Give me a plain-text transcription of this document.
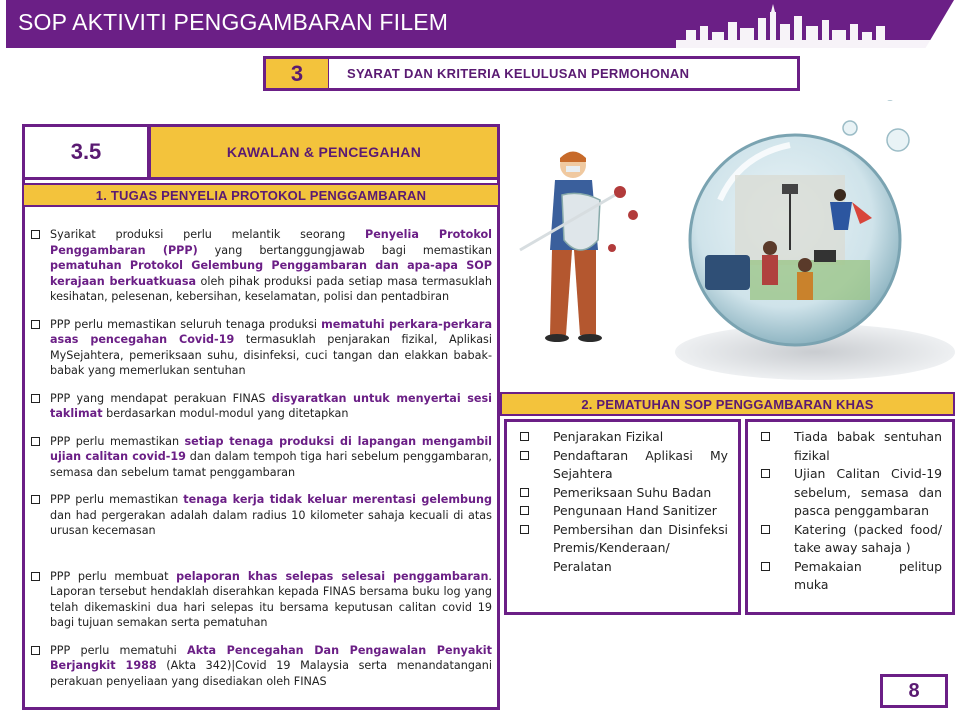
SOP AKTIVITI PENGGAMBARAN FILEM
3	SYARAT DAN KRITERIA KELULUSAN PERMOHONAN
3.5	KAWALAN & PENCEGAHAN
1. TUGAS PENYELIA PROTOKOL PENGGAMBARAN
Syarikat produksi perlu melantik seorang Penyelia Protokol Penggambaran (PPP) yang bertanggungjawab bagi memastikan pematuhan Protokol Gelembung Penggambaran dan apa-apa SOP kerajaan berkuatkuasa oleh pihak produksi pada setiap masa termasuklah kesihatan, pelesenan, kebersihan, keselamatan, polisi dan pentadbiran
PPP perlu memastikan seluruh tenaga produksi mematuhi perkara-perkara asas pencegahan Covid-19 termasuklah penjarakan fizikal, Aplikasi MySejahtera, pemeriksaan suhu, disinfeksi, cuci tangan dan elakkan babak-babak yang memerlukan sentuhan
PPP yang mendapat perakuan FINAS disyaratkan untuk menyertai sesi taklimat berdasarkan modul-modul yang ditetapkan
PPP perlu memastikan setiap tenaga produksi di lapangan mengambil ujian calitan covid-19 dan dalam tempoh tiga hari sebelum penggambaran, semasa dan sebelum tamat penggambaran
PPP perlu memastikan tenaga kerja tidak keluar merentasi gelembung dan had pergerakan adalah dalam radius 10 kilometer sahaja kecuali di atas urusan kecemasan
PPP perlu membuat pelaporan khas selepas selesai penggambaran. Laporan tersebut hendaklah diserahkan kepada FINAS bersama buku log yang telah dikemaskini dua hari selepas itu bersama keputusan calitan covid 19 bagi tujuan semakan serta pematuhan
PPP perlu mematuhi Akta Pencegahan Dan Pengawalan Penyakit Berjangkit 1988 (Akta 342)|Covid 19 Malaysia serta menandatangani perakuan penyeliaan yang disediakan oleh FINAS
2. PEMATUHAN SOP PENGGAMBARAN KHAS
Penjarakan Fizikal
Pendaftaran Aplikasi My Sejahtera
Pemeriksaan Suhu Badan
Pengunaan Hand Sanitizer
Pembersihan dan Disinfeksi Premis/Kenderaan/ Peralatan
Tiada babak sentuhan fizikal
Ujian Calitan Civid-19 sebelum, semasa dan pasca penggambaran
Katering (packed food/ take away sahaja )
Pemakaian pelitup muka
8
